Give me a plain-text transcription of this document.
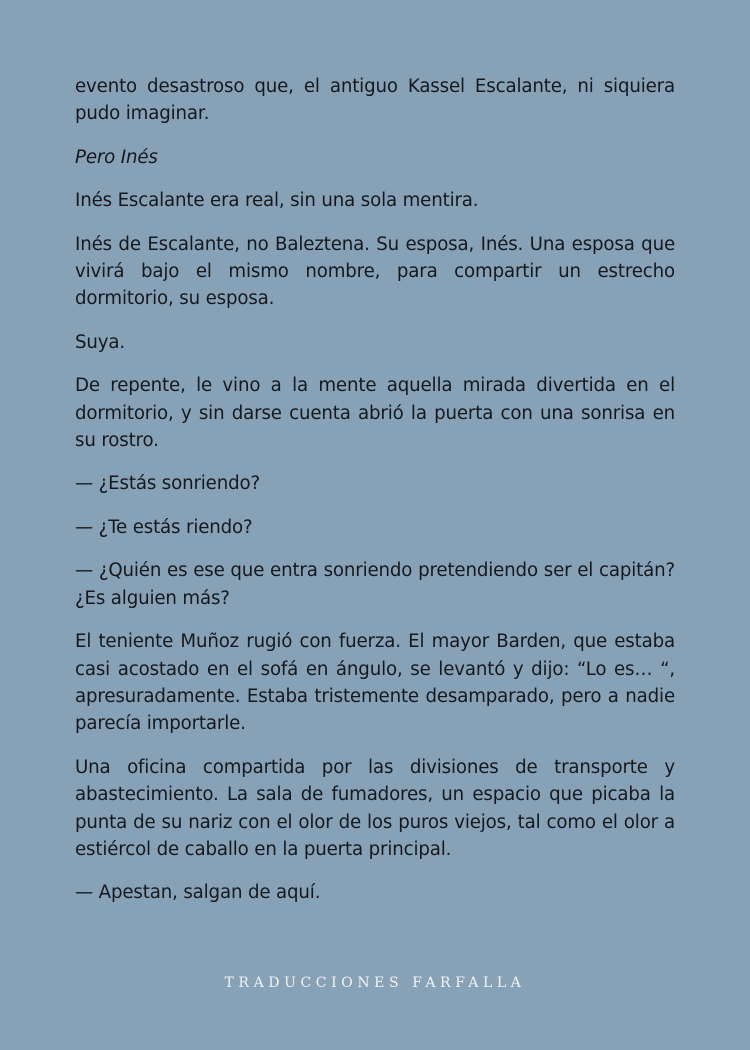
evento desastroso que, el antiguo Kassel Escalante, ni siquiera pudo imaginar.

Pero Inés

Inés Escalante era real, sin una sola mentira.

Inés de Escalante, no Baleztena. Su esposa, Inés. Una esposa que vivirá bajo el mismo nombre, para compartir un estrecho dormitorio, su esposa.

Suya.

De repente, le vino a la mente aquella mirada divertida en el dormitorio, y sin darse cuenta abrió la puerta con una sonrisa en su rostro.

— ¿Estás sonriendo?

— ¿Te estás riendo?

— ¿Quién es ese que entra sonriendo pretendiendo ser el capitán? ¿Es alguien más?

El teniente Muñoz rugió con fuerza. El mayor Barden, que estaba casi acostado en el sofá en ángulo, se levantó y dijo: “Lo es… “, apresuradamente. Estaba tristemente desamparado, pero a nadie parecía importarle.

Una oficina compartida por las divisiones de transporte y abastecimiento. La sala de fumadores, un espacio que picaba la punta de su nariz con el olor de los puros viejos, tal como el olor a estiércol de caballo en la puerta principal.

— Apestan, salgan de aquí.

TRADUCCIONES FARFALLA
